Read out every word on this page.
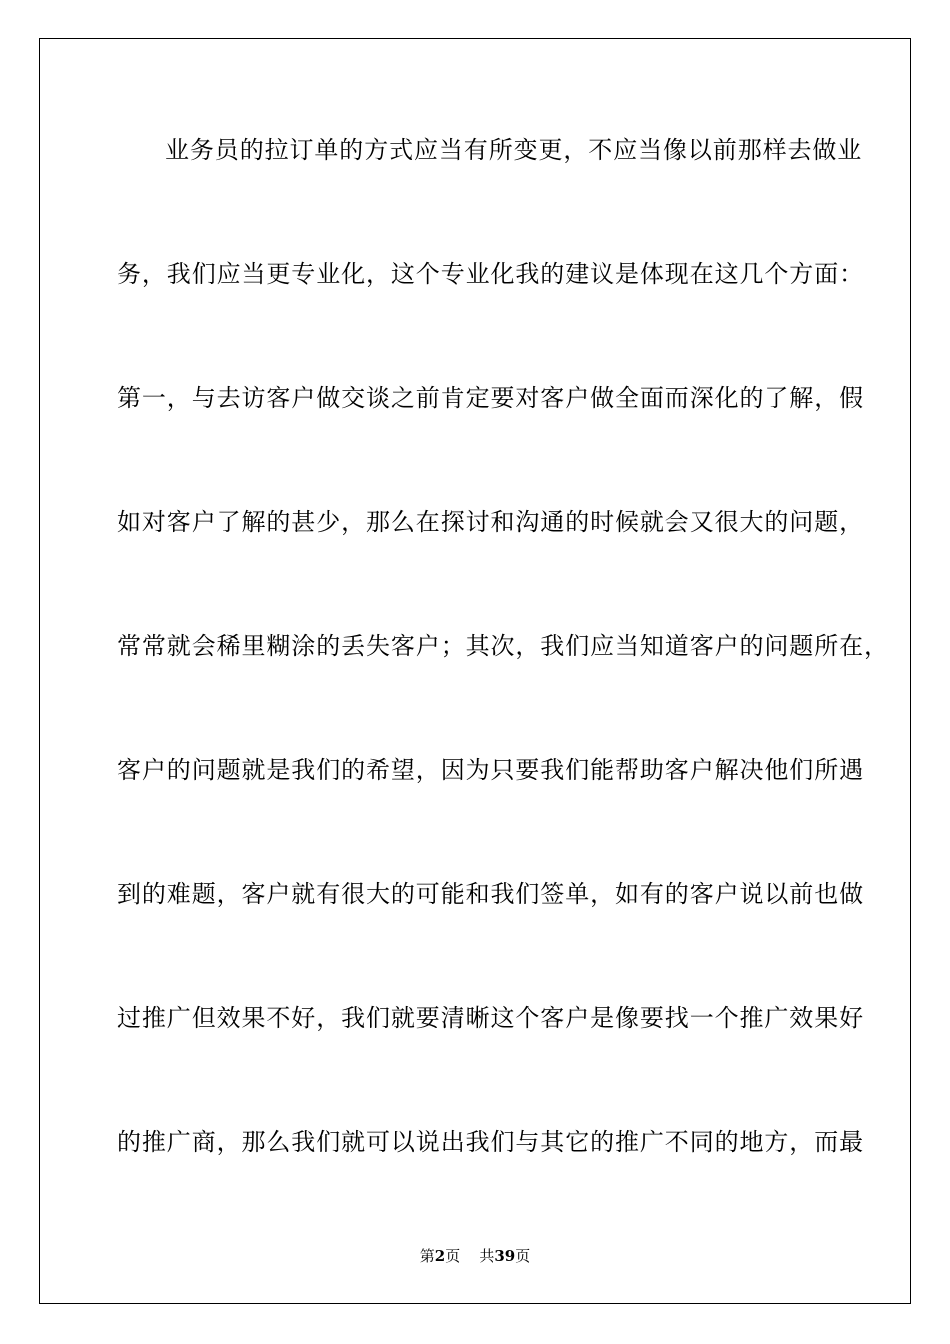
业务员的拉订单的方式应当有所变更，不应当像以前那样去做业
务，我们应当更专业化，这个专业化我的建议是体现在这几个方面：
第一，与去访客户做交谈之前肯定要对客户做全面而深化的了解，假
如对客户了解的甚少，那么在探讨和沟通的时候就会又很大的问题，
常常就会稀里糊涂的丢失客户；其次，我们应当知道客户的问题所在，
客户的问题就是我们的希望，因为只要我们能帮助客户解决他们所遇
到的难题，客户就有很大的可能和我们签单，如有的客户说以前也做
过推广但效果不好，我们就要清晰这个客户是像要找一个推广效果好
的推广商，那么我们就可以说出我们与其它的推广不同的地方，而最
第2页 共39页
